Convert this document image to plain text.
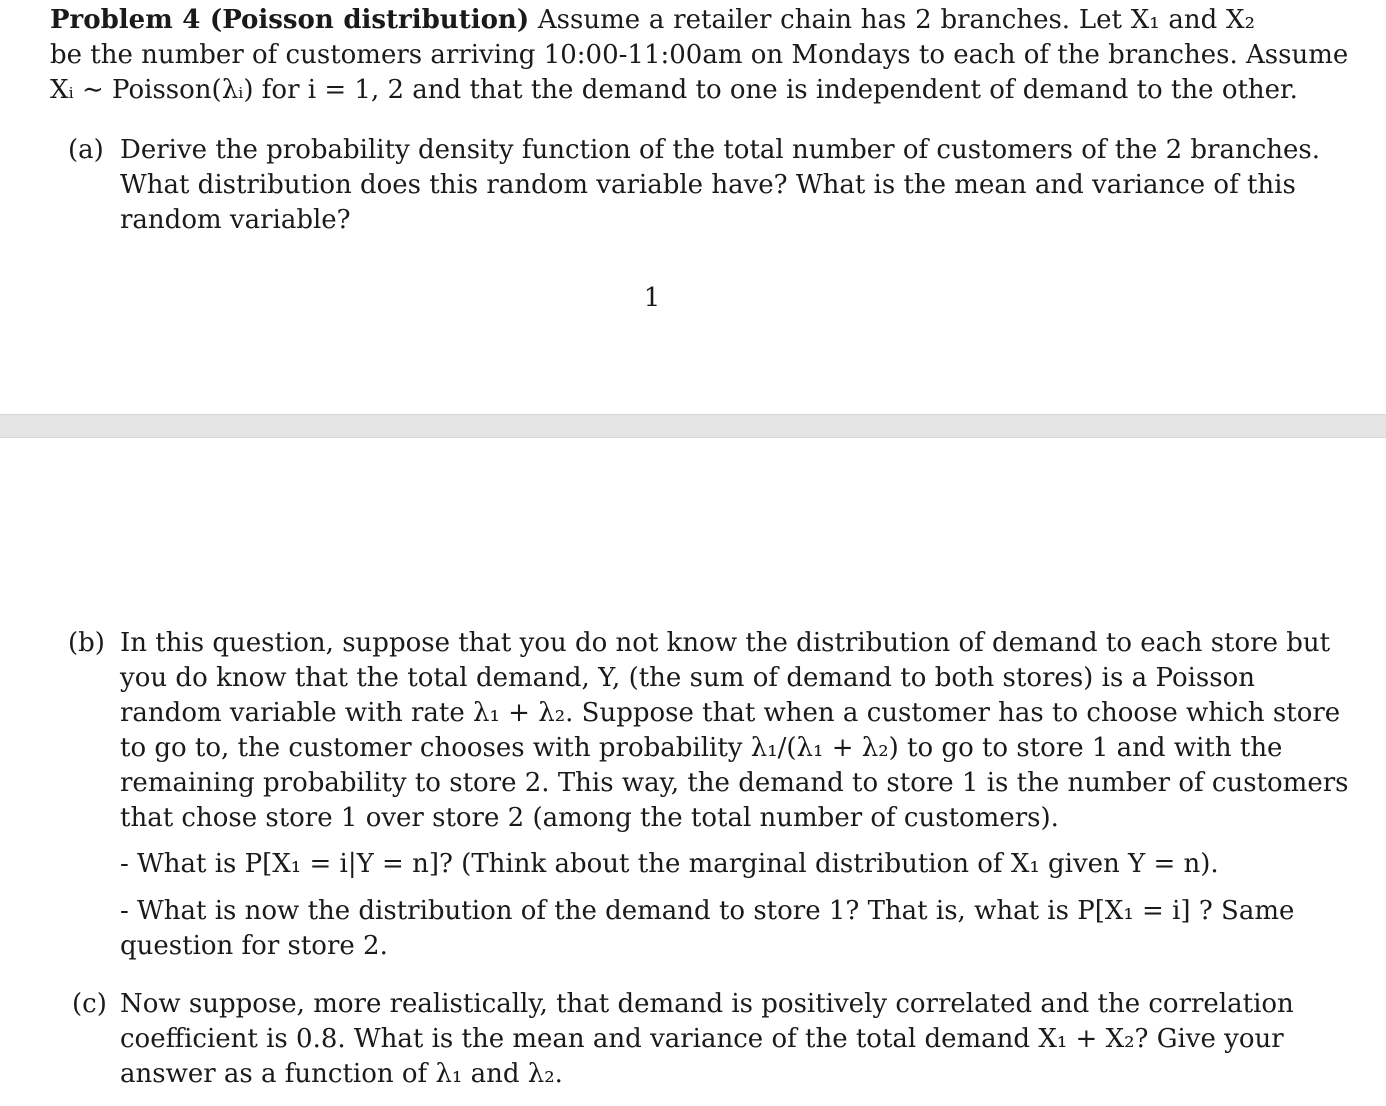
Problem 4 (Poisson distribution) Assume a retailer chain has 2 branches. Let X₁ and X₂
be the number of customers arriving 10:00-11:00am on Mondays to each of the branches. Assume
Xᵢ ∼ Poisson(λᵢ) for i = 1, 2 and that the demand to one is independent of demand to the other.
(a) Derive the probability density function of the total number of customers of the 2 branches.
What distribution does this random variable have? What is the mean and variance of this
random variable?
1
(b) In this question, suppose that you do not know the distribution of demand to each store but
you do know that the total demand, Y, (the sum of demand to both stores) is a Poisson
random variable with rate λ₁ + λ₂. Suppose that when a customer has to choose which store
to go to, the customer chooses with probability λ₁/(λ₁ + λ₂) to go to store 1 and with the
remaining probability to store 2. This way, the demand to store 1 is the number of customers
that chose store 1 over store 2 (among the total number of customers).
- What is P[X₁ = i|Y = n]? (Think about the marginal distribution of X₁ given Y = n).
- What is now the distribution of the demand to store 1? That is, what is P[X₁ = i] ? Same
question for store 2.
(c) Now suppose, more realistically, that demand is positively correlated and the correlation
coefficient is 0.8. What is the mean and variance of the total demand X₁ + X₂? Give your
answer as a function of λ₁ and λ₂.
